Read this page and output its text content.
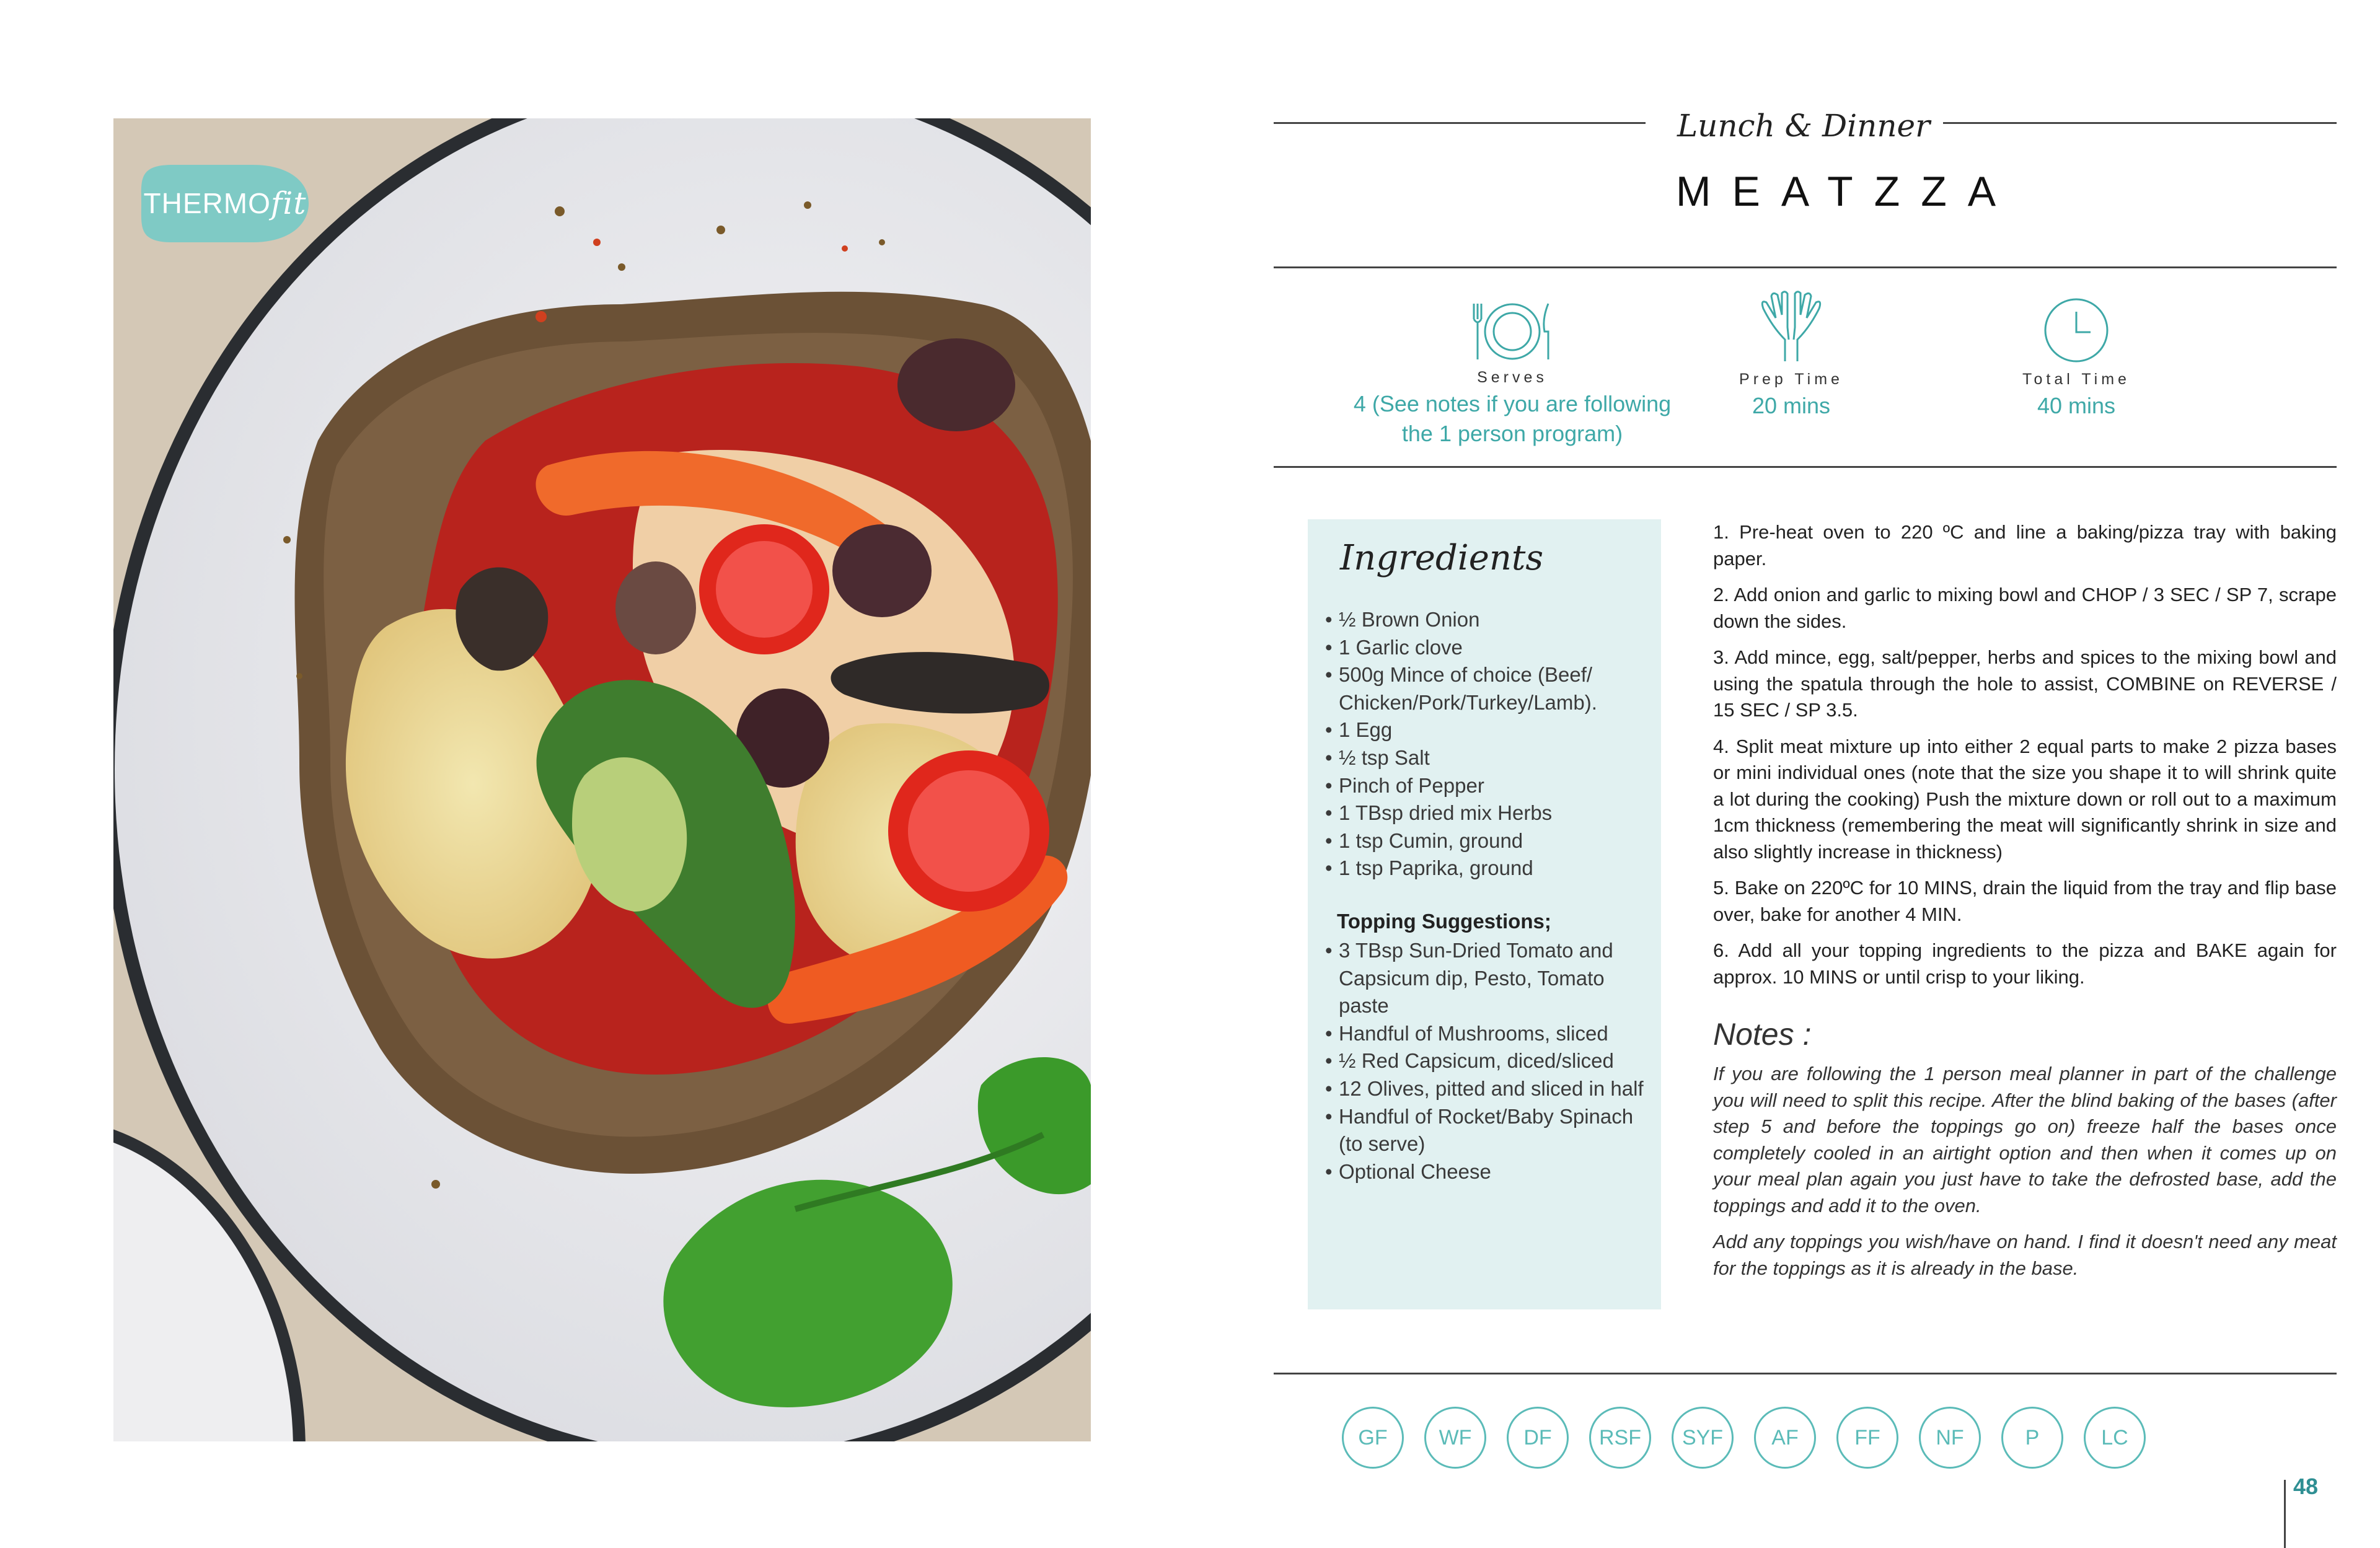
THERMO fit
Lunch & Dinner
MEATZZA
Serves
4 (See notes if you are following the 1 person program)
Prep Time
20 mins
Total Time
40 mins
Ingredients
• ½ Brown Onion
• 1 Garlic clove
• 500g Mince of choice (Beef/ Chicken/Pork/Turkey/Lamb).
• 1 Egg
• ½ tsp Salt
• Pinch of Pepper
• 1 TBsp dried mix Herbs
• 1 tsp Cumin, ground
• 1 tsp Paprika, ground
Topping Suggestions;
• 3 TBsp Sun-Dried Tomato and Capsicum dip, Pesto, Tomato paste
• Handful of Mushrooms, sliced
• ½ Red Capsicum, diced/sliced
• 12 Olives, pitted and sliced in half
• Handful of Rocket/Baby Spinach (to serve)
• Optional Cheese

1. Pre-heat oven to 220 ºC and line a baking/pizza tray with baking paper.

2. Add onion and garlic to mixing bowl and CHOP / 3 SEC / SP 7, scrape down the sides.

3. Add mince, egg, salt/pepper, herbs and spices to the mixing bowl and using the spatula through the hole to assist, COMBINE on REVERSE / 15 SEC / SP 3.5.

4. Split meat mixture up into either 2 equal parts to make 2 pizza bases or mini individual ones (note that the size you shape it to will shrink quite a lot during the cooking) Push the mixture down or roll out to a maximum 1cm thickness (remembering the meat will significantly shrink in size and also slightly increase in thickness)

5. Bake on 220ºC for 10 MINS, drain the liquid from the tray and flip base over, bake for another 4 MIN.

6. Add all your topping ingredients to the pizza and BAKE again for approx. 10 MINS or until crisp to your liking.

Notes :

If you are following the 1 person meal planner in part of the challenge you will need to split this recipe. After the blind baking of the bases (after step 5 and before the toppings go on) freeze half the bases once completely cooled in an airtight option and then when it comes up on your meal plan again you just have to take the defrosted base, add the toppings and add it to the oven.

Add any toppings you wish/have on hand. I find it doesn't need any meat for the toppings as it is already in the base.

GF	WF	DF	RSF	SYF	AF	FF	NF	P	LC
48
